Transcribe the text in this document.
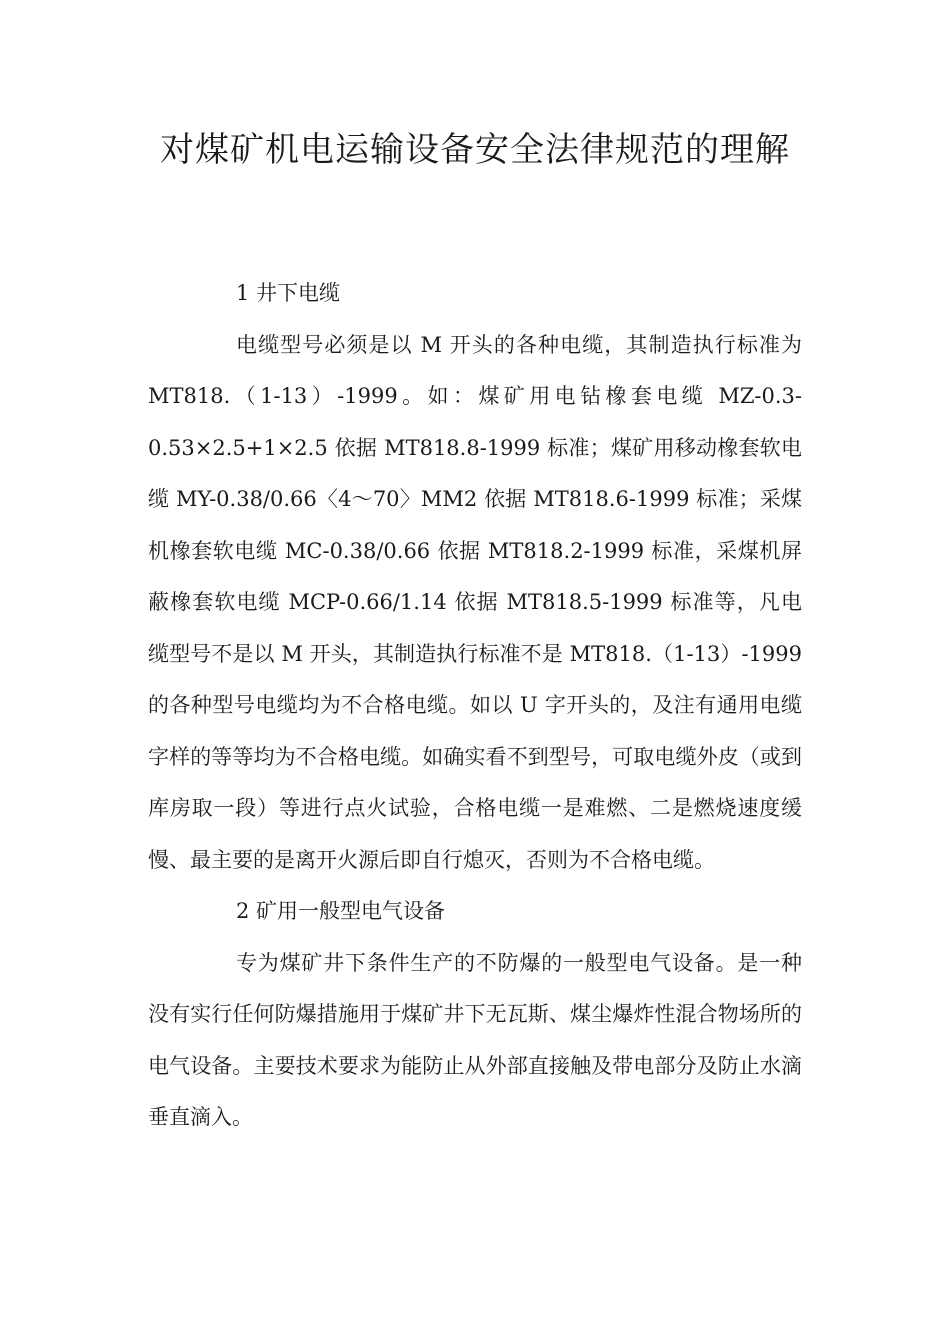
对煤矿机电运输设备安全法律规范的理解

1 井下电缆

电缆型号必须是以 M 开头的各种电缆，其制造执行标准为 MT818.（1-13）-1999。如：煤矿用电钻橡套电缆 MZ-0.3-0.53×2.5+1×2.5 依据 MT818.8-1999 标准；煤矿用移动橡套软电缆 MY-0.38/0.66〈4～70〉MM2 依据 MT818.6-1999 标准；采煤机橡套软电缆 MC-0.38/0.66 依据 MT818.2-1999 标准，采煤机屏蔽橡套软电缆 MCP-0.66/1.14 依据 MT818.5-1999 标准等，凡电缆型号不是以 M 开头，其制造执行标准不是 MT818.（1-13）-1999 的各种型号电缆均为不合格电缆。如以 U 字开头的，及注有通用电缆字样的等等均为不合格电缆。如确实看不到型号，可取电缆外皮（或到库房取一段）等进行点火试验，合格电缆一是难燃、二是燃烧速度缓慢、最主要的是离开火源后即自行熄灭，否则为不合格电缆。

2 矿用一般型电气设备

专为煤矿井下条件生产的不防爆的一般型电气设备。是一种没有实行任何防爆措施用于煤矿井下无瓦斯、煤尘爆炸性混合物场所的电气设备。主要技术要求为能防止从外部直接触及带电部分及防止水滴垂直滴入。
